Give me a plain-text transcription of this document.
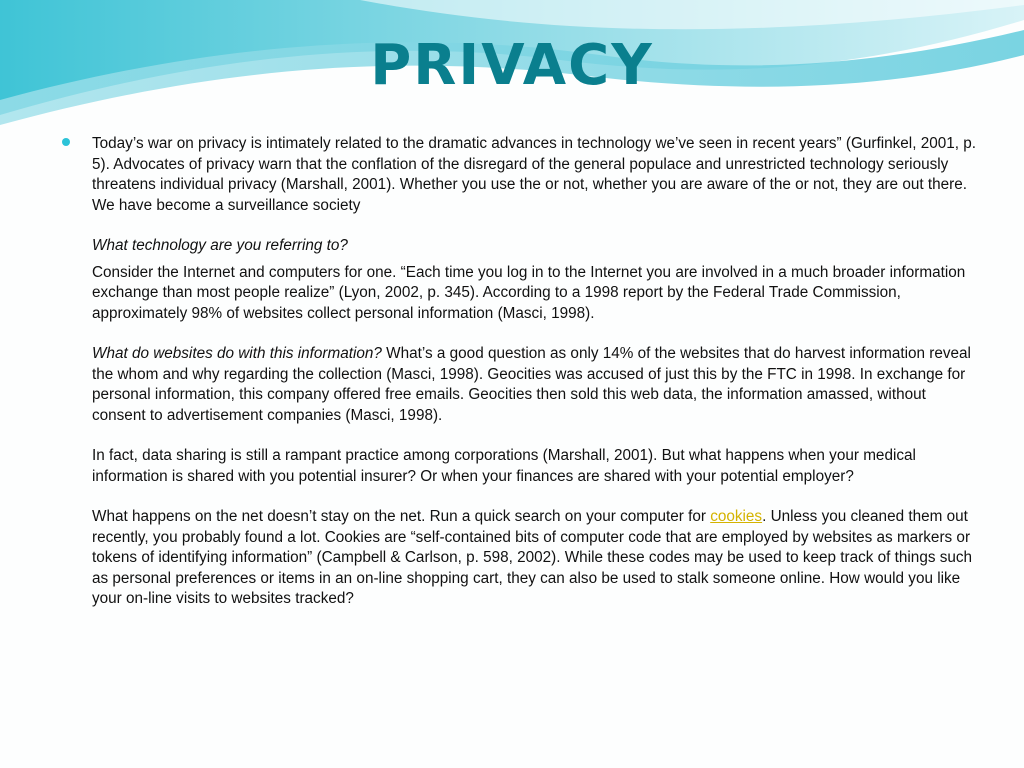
PRIVACY

Today’s war on privacy is intimately related to the dramatic advances in technology we’ve seen in recent years” (Gurfinkel, 2001, p. 5). Advocates of privacy warn that the conflation of the disregard of the general populace and unrestricted technology seriously threatens individual privacy (Marshall, 2001). Whether you use the or not, whether you are aware of the or not, they are out there. We have become a surveillance society

What technology are you referring to?

Consider the Internet and computers for one. “Each time you log in to the Internet you are involved in a much broader information exchange than most people realize” (Lyon, 2002, p. 345). According to a 1998 report by the Federal Trade Commission, approximately 98% of websites collect personal information (Masci, 1998).

What do websites do with this information? What’s a good question as only 14% of the websites that do harvest information reveal the whom and why regarding the collection (Masci, 1998). Geocities was accused of just this by the FTC in 1998. In exchange for personal information, this company offered free emails. Geocities then sold this web data, the information amassed, without consent to advertisement companies (Masci, 1998).

In fact, data sharing is still a rampant practice among corporations (Marshall, 2001). But what happens when your medical information is shared with you potential insurer? Or when your finances are shared with your potential employer?

What happens on the net doesn’t stay on the net. Run a quick search on your computer for cookies. Unless you cleaned them out recently, you probably found a lot. Cookies are “self-contained bits of computer code that are employed by websites as markers or tokens of identifying information” (Campbell & Carlson, p. 598, 2002). While these codes may be used to keep track of things such as personal preferences or items in an on-line shopping cart, they can also be used to stalk someone online. How would you like your on-line visits to websites tracked?
